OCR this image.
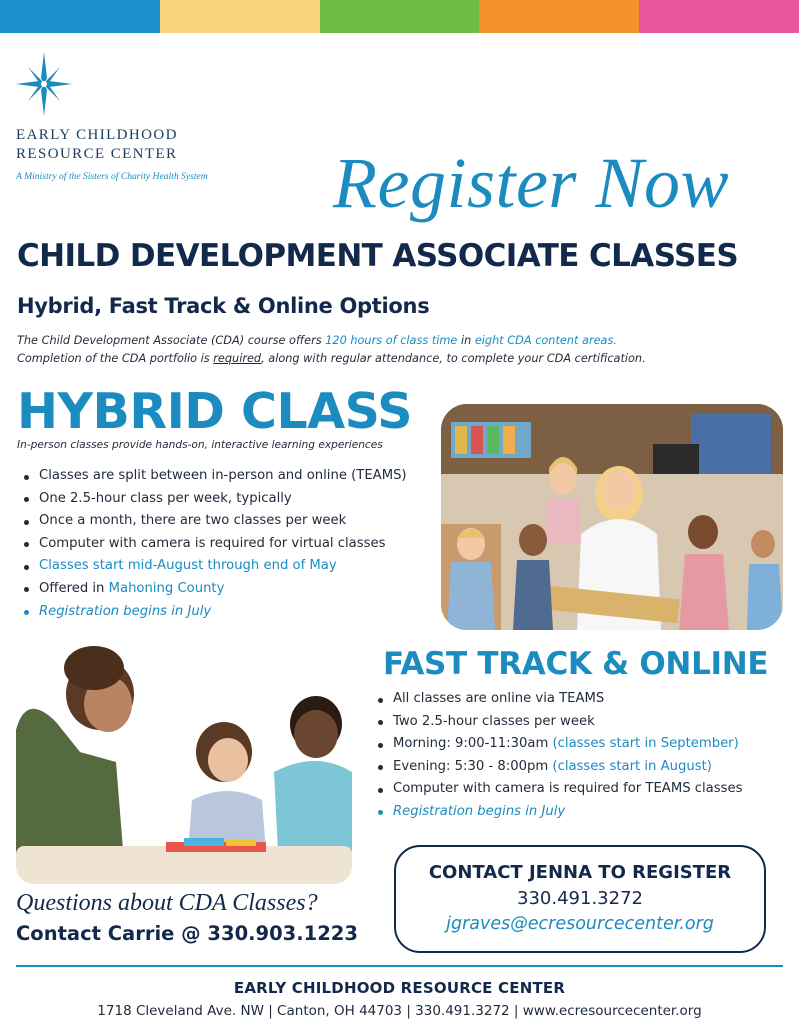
EARLY CHILDHOOD
RESOURCE CENTER
A Ministry of the Sisters of Charity Health System	Register Now
CHILD DEVELOPMENT ASSOCIATE CLASSES
Hybrid, Fast Track & Online Options
The Child Development Associate (CDA) course offers 120 hours of class time in eight CDA content areas.
Completion of the CDA portfolio is required, along with regular attendance, to complete your CDA certification.
HYBRID CLASS
In-person classes provide hands-on, interactive learning experiences
Classes are split between in-person and online (TEAMS)
One 2.5-hour class per week, typically
Once a month, there are two classes per week
Computer with camera is required for virtual classes
Classes start mid-August through end of May
Offered in Mahoning County
Registration begins in July
FAST TRACK & ONLINE
All classes are online via TEAMS
Two 2.5-hour classes per week
Morning: 9:00-11:30am (classes start in September)
Evening: 5:30 - 8:00pm (classes start in August)
Computer with camera is required for TEAMS classes
Registration begins in July
CONTACT JENNA TO REGISTER
330.491.3272
jgraves@ecresourcecenter.org
Questions about CDA Classes?
Contact Carrie @ 330.903.1223
EARLY CHILDHOOD RESOURCE CENTER
1718 Cleveland Ave. NW | Canton, OH 44703 | 330.491.3272 | www.ecresourcecenter.org
